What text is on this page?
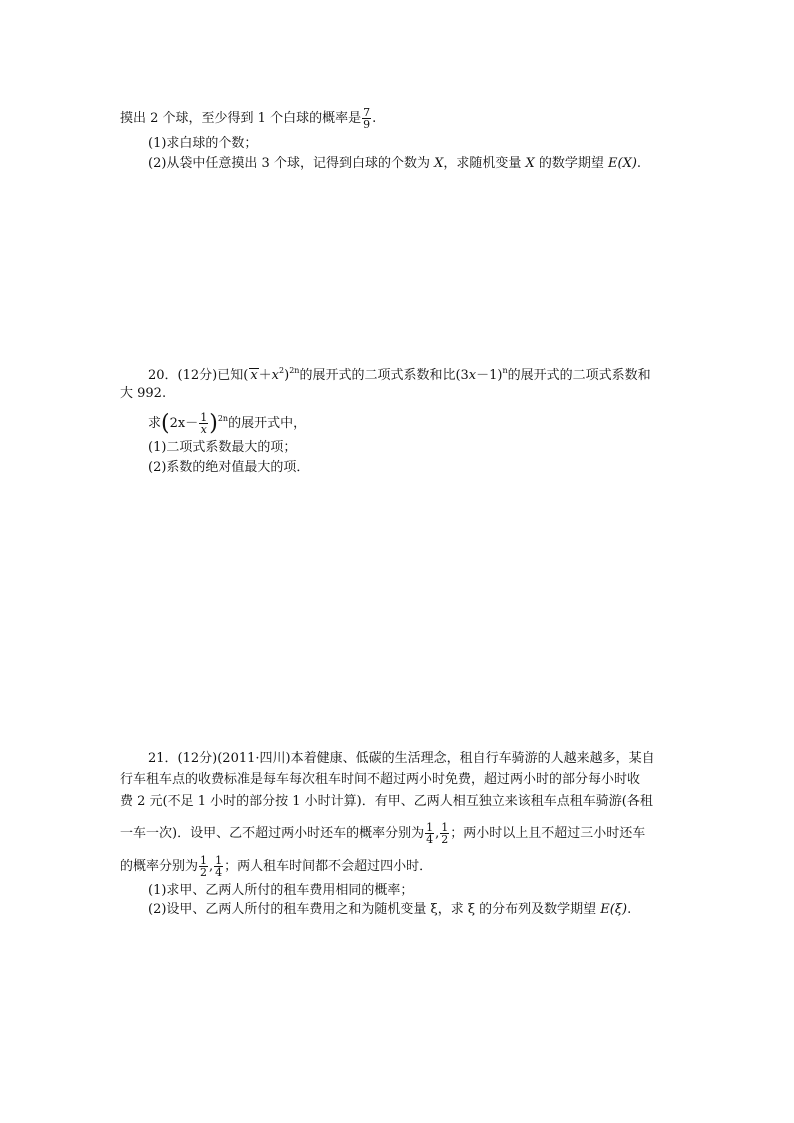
摸出 2 个球，至少得到 1 个白球的概率是 $\frac{7}{9}$ .
(1)求白球的个数；
(2)从袋中任意摸出 3 个球，记得到白球的个数为 X，求随机变量 X 的数学期望 E(X).
20．(12分)已知( $x+x^2)^{2n}$的展开式的二项式系数和比$(3x-1)^n$的展开式的二项式系数和
大 992.
求$(2x- \frac{1}{x} )^{2n}$的展开式中，
(1)二项式系数最大的项；
(2)系数的绝对值最大的项．
21．(12分)(2011·四川)本着健康、低碳的生活理念，租自行车骑游的人越来越多，某自
行车租车点的收费标准是每车每次租车时间不超过两小时免费，超过两小时的部分每小时收
费 2 元(不足 1 小时的部分按 1 小时计算)．有甲、乙两人相互独立来该租车点租车骑游(各租
一车一次)．设甲、乙不超过两小时还车的概率分别为 $\frac{1}{4}$ , $\frac{1}{2}$ ；两小时以上且不超过三小时还车
的概率分别为 $\frac{1}{2}$ , $\frac{1}{4}$ ；两人租车时间都不会超过四小时．
(1)求甲、乙两人所付的租车费用相同的概率；
(2)设甲、乙两人所付的租车费用之和为随机变量 ξ，求 ξ 的分布列及数学期望 E(ξ).
